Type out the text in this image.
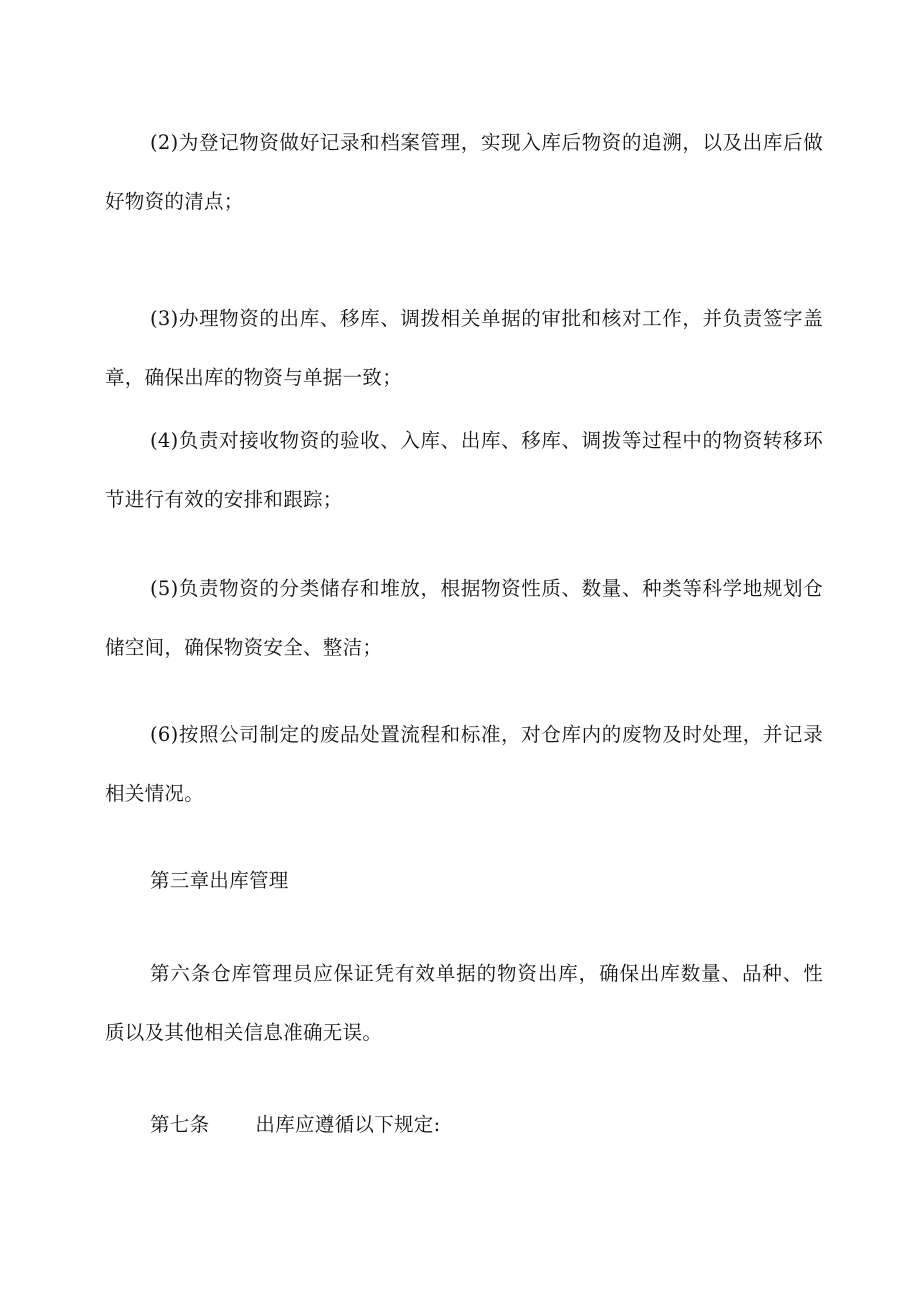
(2)为登记物资做好记录和档案管理，实现入库后物资的追溯，以及出库后做好物资的清点；

(3)办理物资的出库、移库、调拨相关单据的审批和核对工作，并负责签字盖章，确保出库的物资与单据一致；

(4)负责对接收物资的验收、入库、出库、移库、调拨等过程中的物资转移环节进行有效的安排和跟踪；

(5)负责物资的分类储存和堆放，根据物资性质、数量、种类等科学地规划仓储空间，确保物资安全、整洁；

(6)按照公司制定的废品处置流程和标准，对仓库内的废物及时处理，并记录相关情况。

第三章出库管理

第六条仓库管理员应保证凭有效单据的物资出库，确保出库数量、品种、性质以及其他相关信息准确无误。

第七条 出库应遵循以下规定:
